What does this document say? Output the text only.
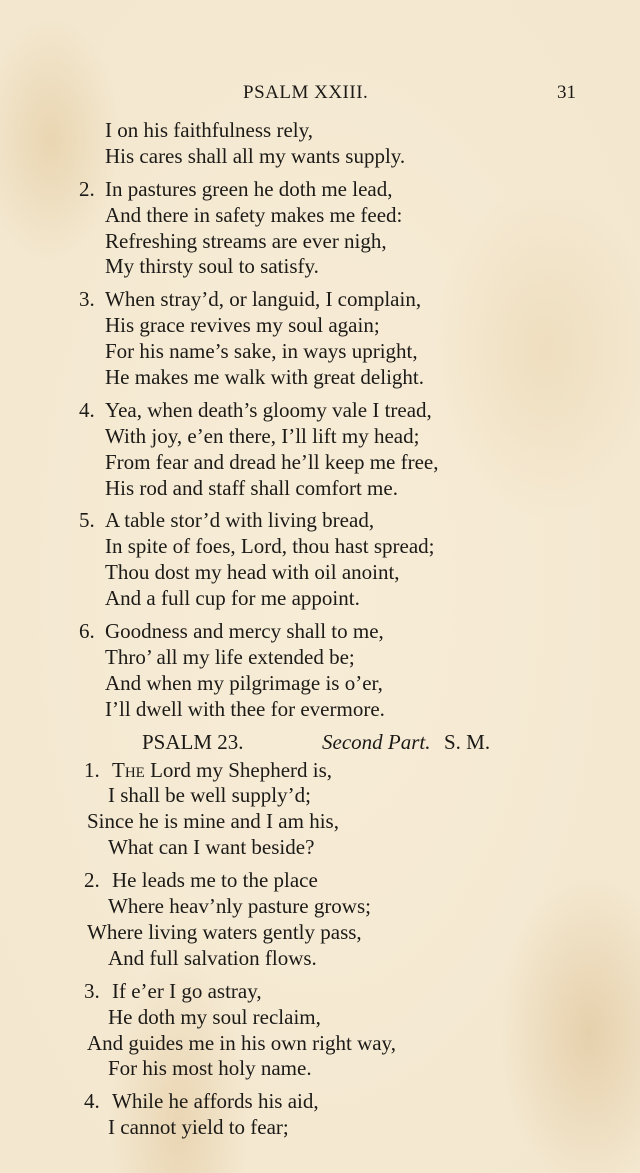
PSALM XXIII.	31
I on his faithfulness rely,
His cares shall all my wants supply.
2. In pastures green he doth me lead,
And there in safety makes me feed:
Refreshing streams are ever nigh,
My thirsty soul to satisfy.
3. When stray’d, or languid, I complain,
His grace revives my soul again;
For his name’s sake, in ways upright,
He makes me walk with great delight.
4. Yea, when death’s gloomy vale I tread,
With joy, e’en there, I’ll lift my head;
From fear and dread he’ll keep me free,
His rod and staff shall comfort me.
5. A table stor’d with living bread,
In spite of foes, Lord, thou hast spread;
Thou dost my head with oil anoint,
And a full cup for me appoint.
6. Goodness and mercy shall to me,
Thro’ all my life extended be;
And when my pilgrimage is o’er,
I’ll dwell with thee for evermore.
PSALM 23.	Second Part. S. M.
1. The Lord my Shepherd is,
I shall be well supply’d;
Since he is mine and I am his,
What can I want beside?
2. He leads me to the place
Where heav’nly pasture grows;
Where living waters gently pass,
And full salvation flows.
3. If e’er I go astray,
He doth my soul reclaim,
And guides me in his own right way,
For his most holy name.
4. While he affords his aid,
I cannot yield to fear;
